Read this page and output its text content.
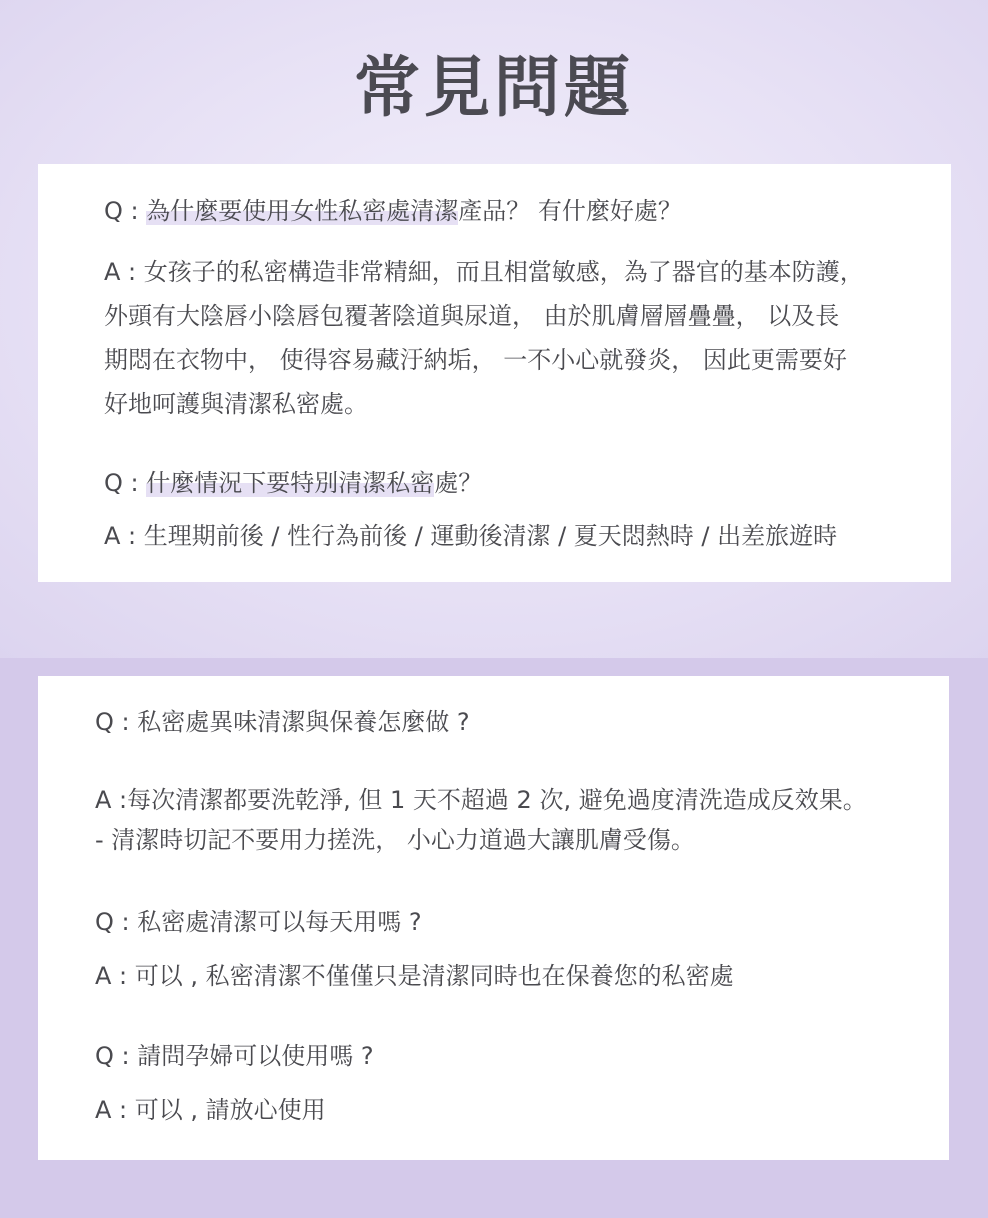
常見問題
Q : 為什麼要使用女性私密處清潔產品？ 有什麼好處？
A : 女孩子的私密構造非常精細，而且相當敏感，為了器官的基本防護，
外頭有大陰唇小陰唇包覆著陰道與尿道， 由於肌膚層層疊疊， 以及長
期悶在衣物中， 使得容易藏汙納垢， 一不小心就發炎， 因此更需要好
好地呵護與清潔私密處。
Q : 什麼情況下要特別清潔私密處？
A : 生理期前後 / 性行為前後 / 運動後清潔 / 夏天悶熱時 / 出差旅遊時
Q : 私密處異味清潔與保養怎麼做 ?
A :每次清潔都要洗乾淨, 但 1 天不超過 2 次, 避免過度清洗造成反效果。
- 清潔時切記不要用力搓洗， 小心力道過大讓肌膚受傷。
Q : 私密處清潔可以每天用嗎 ?
A : 可以 , 私密清潔不僅僅只是清潔同時也在保養您的私密處
Q : 請問孕婦可以使用嗎 ?
A : 可以 , 請放心使用
